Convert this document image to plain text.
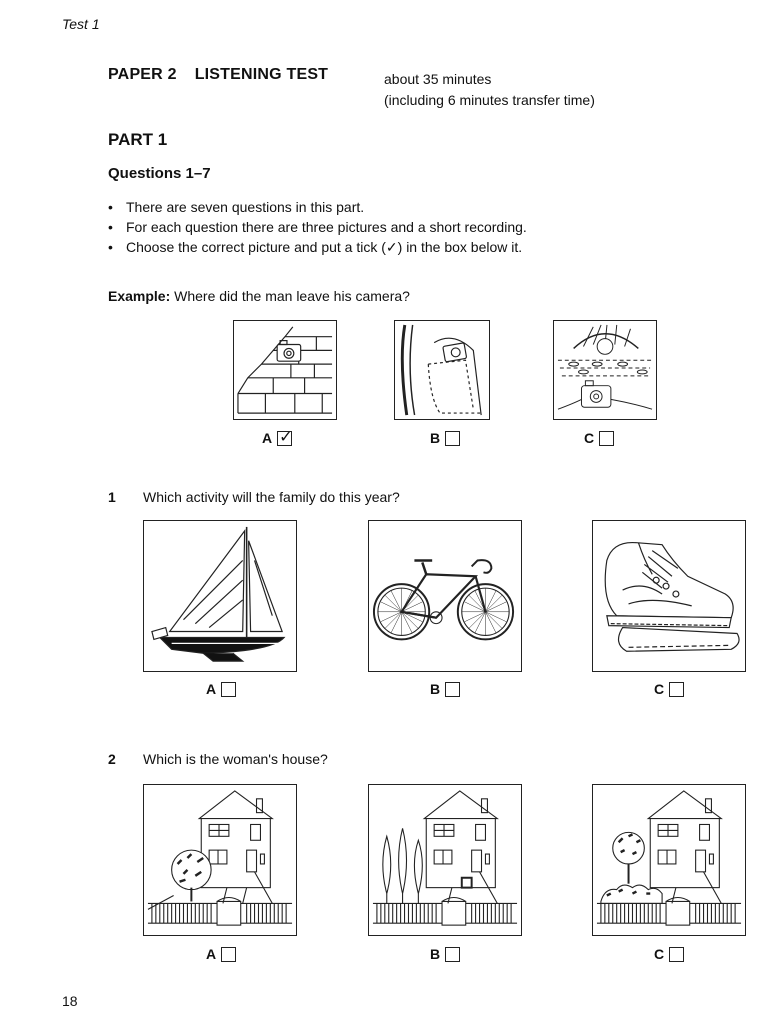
Test 1
PAPER 2 LISTENING TEST	about 35 minutes
(including 6 minutes transfer time)
PART 1
Questions 1–7
• There are seven questions in this part.
• For each question there are three pictures and a short recording.
• Choose the correct picture and put a tick (✓) in the box below it.
Example: Where did the man leave his camera?
A ✓	B	C
1 Which activity will the family do this year?
A	B	C
2 Which is the woman's house?
A	B	C
18
